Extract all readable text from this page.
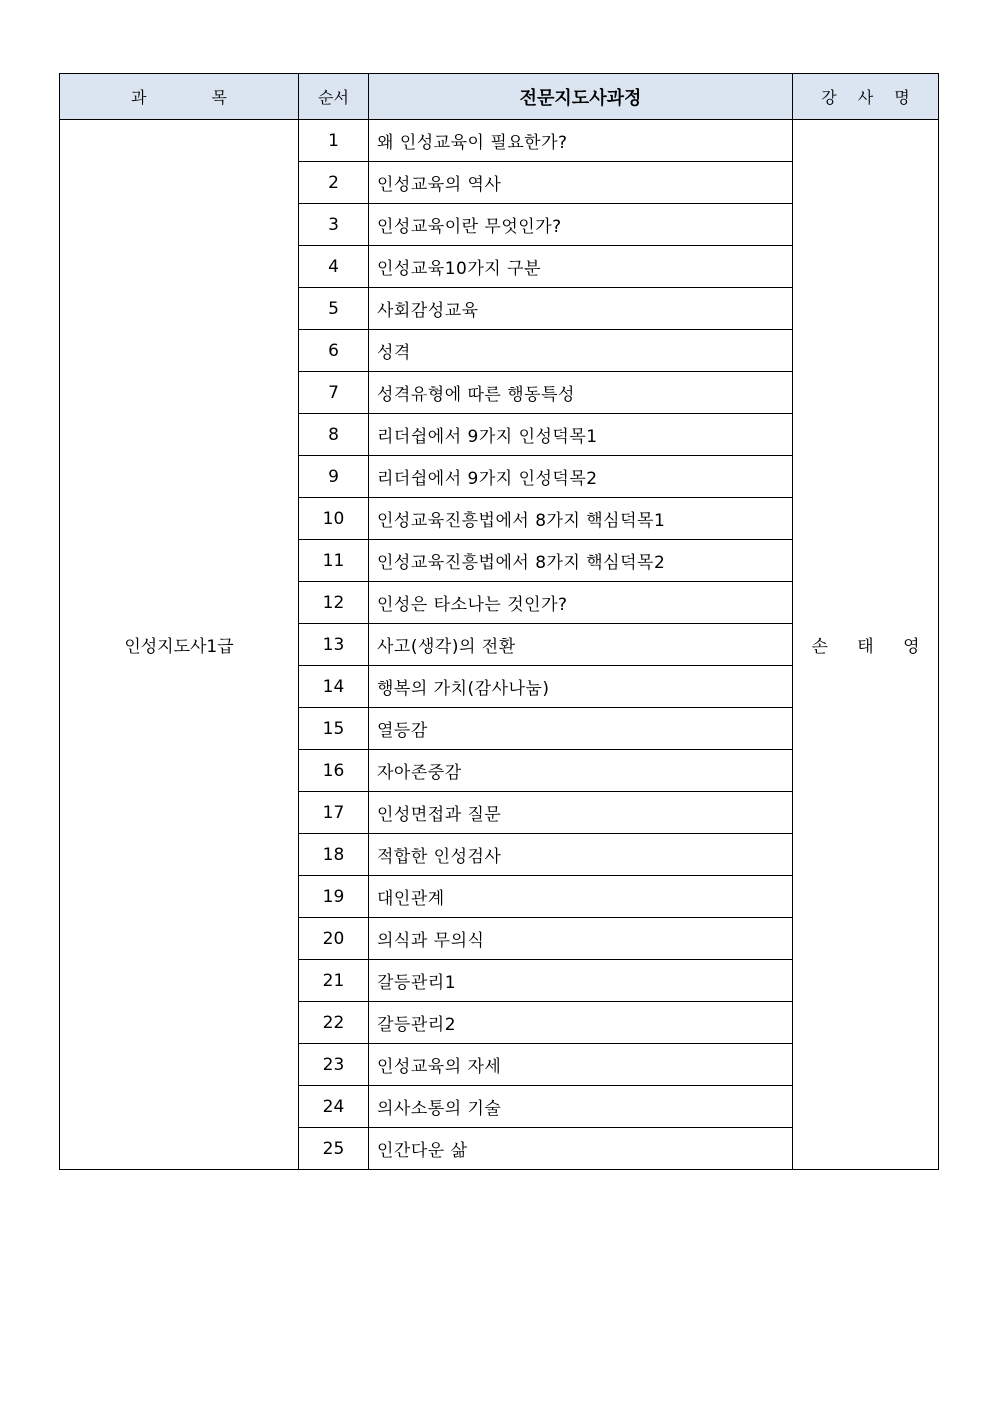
과 목	순서	전문지도사과정	강 사 명
인성지도사1급	1	왜 인성교육이 필요한가?	손 태 영
	2	인성교육의 역사	
	3	인성교육이란 무엇인가?	
	4	인성교육10가지 구분	
	5	사회감성교육	
	6	성격	
	7	성격유형에 따른 행동특성	
	8	리더쉽에서 9가지 인성덕목1	
	9	리더쉽에서 9가지 인성덕목2	
	10	인성교육진흥법에서 8가지 핵심덕목1	
	11	인성교육진흥법에서 8가지 핵심덕목2	
	12	인성은 타소나는 것인가?	
	13	사고(생각)의 전환	
	14	행복의 가치(감사나눔)	
	15	열등감	
	16	자아존중감	
	17	인성면접과 질문	
	18	적합한 인성검사	
	19	대인관계	
	20	의식과 무의식	
	21	갈등관리1	
	22	갈등관리2	
	23	인성교육의 자세	
	24	의사소통의 기술	
	25	인간다운 삶	
